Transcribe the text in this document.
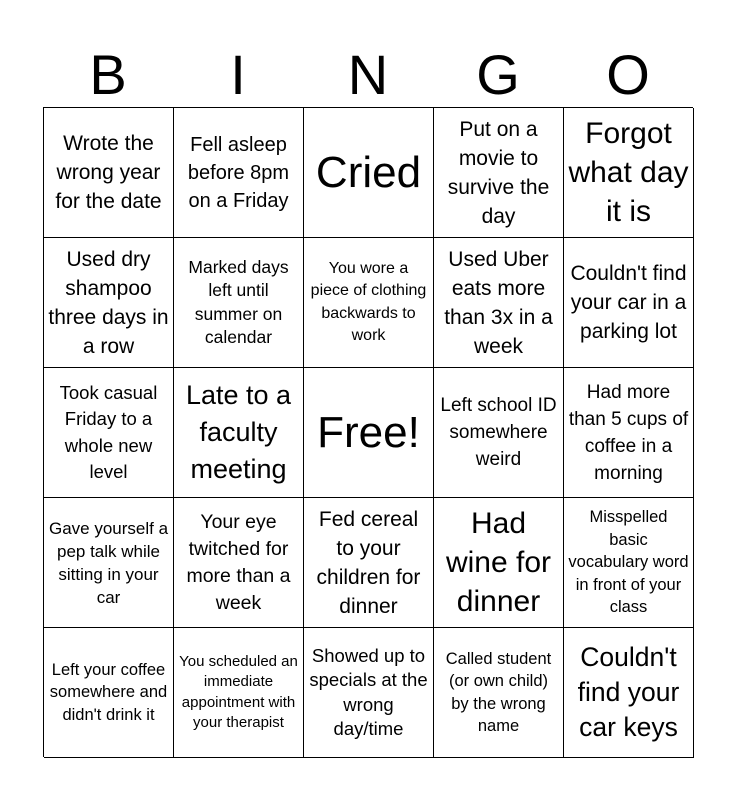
B	I	N	G	O
Wrote the wrong year for the date
Fell asleep before 8pm on a Friday
Cried
Put on a movie to survive the day
Forgot what day it is
Used dry shampoo three days in a row
Marked days left until summer on calendar
You wore a piece of clothing backwards to work
Used Uber eats more than 3x in a week
Couldn't find your car in a parking lot
Took casual Friday to a whole new level
Late to a faculty meeting
Free!
Left school ID somewhere weird
Had more than 5 cups of coffee in a morning
Gave yourself a pep talk while sitting in your car
Your eye twitched for more than a week
Fed cereal to your children for dinner
Had wine for dinner
Misspelled basic vocabulary word in front of your class
Left your coffee somewhere and didn't drink it
You scheduled an immediate appointment with your therapist
Showed up to specials at the wrong day/time
Called student (or own child) by the wrong name
Couldn't find your car keys
